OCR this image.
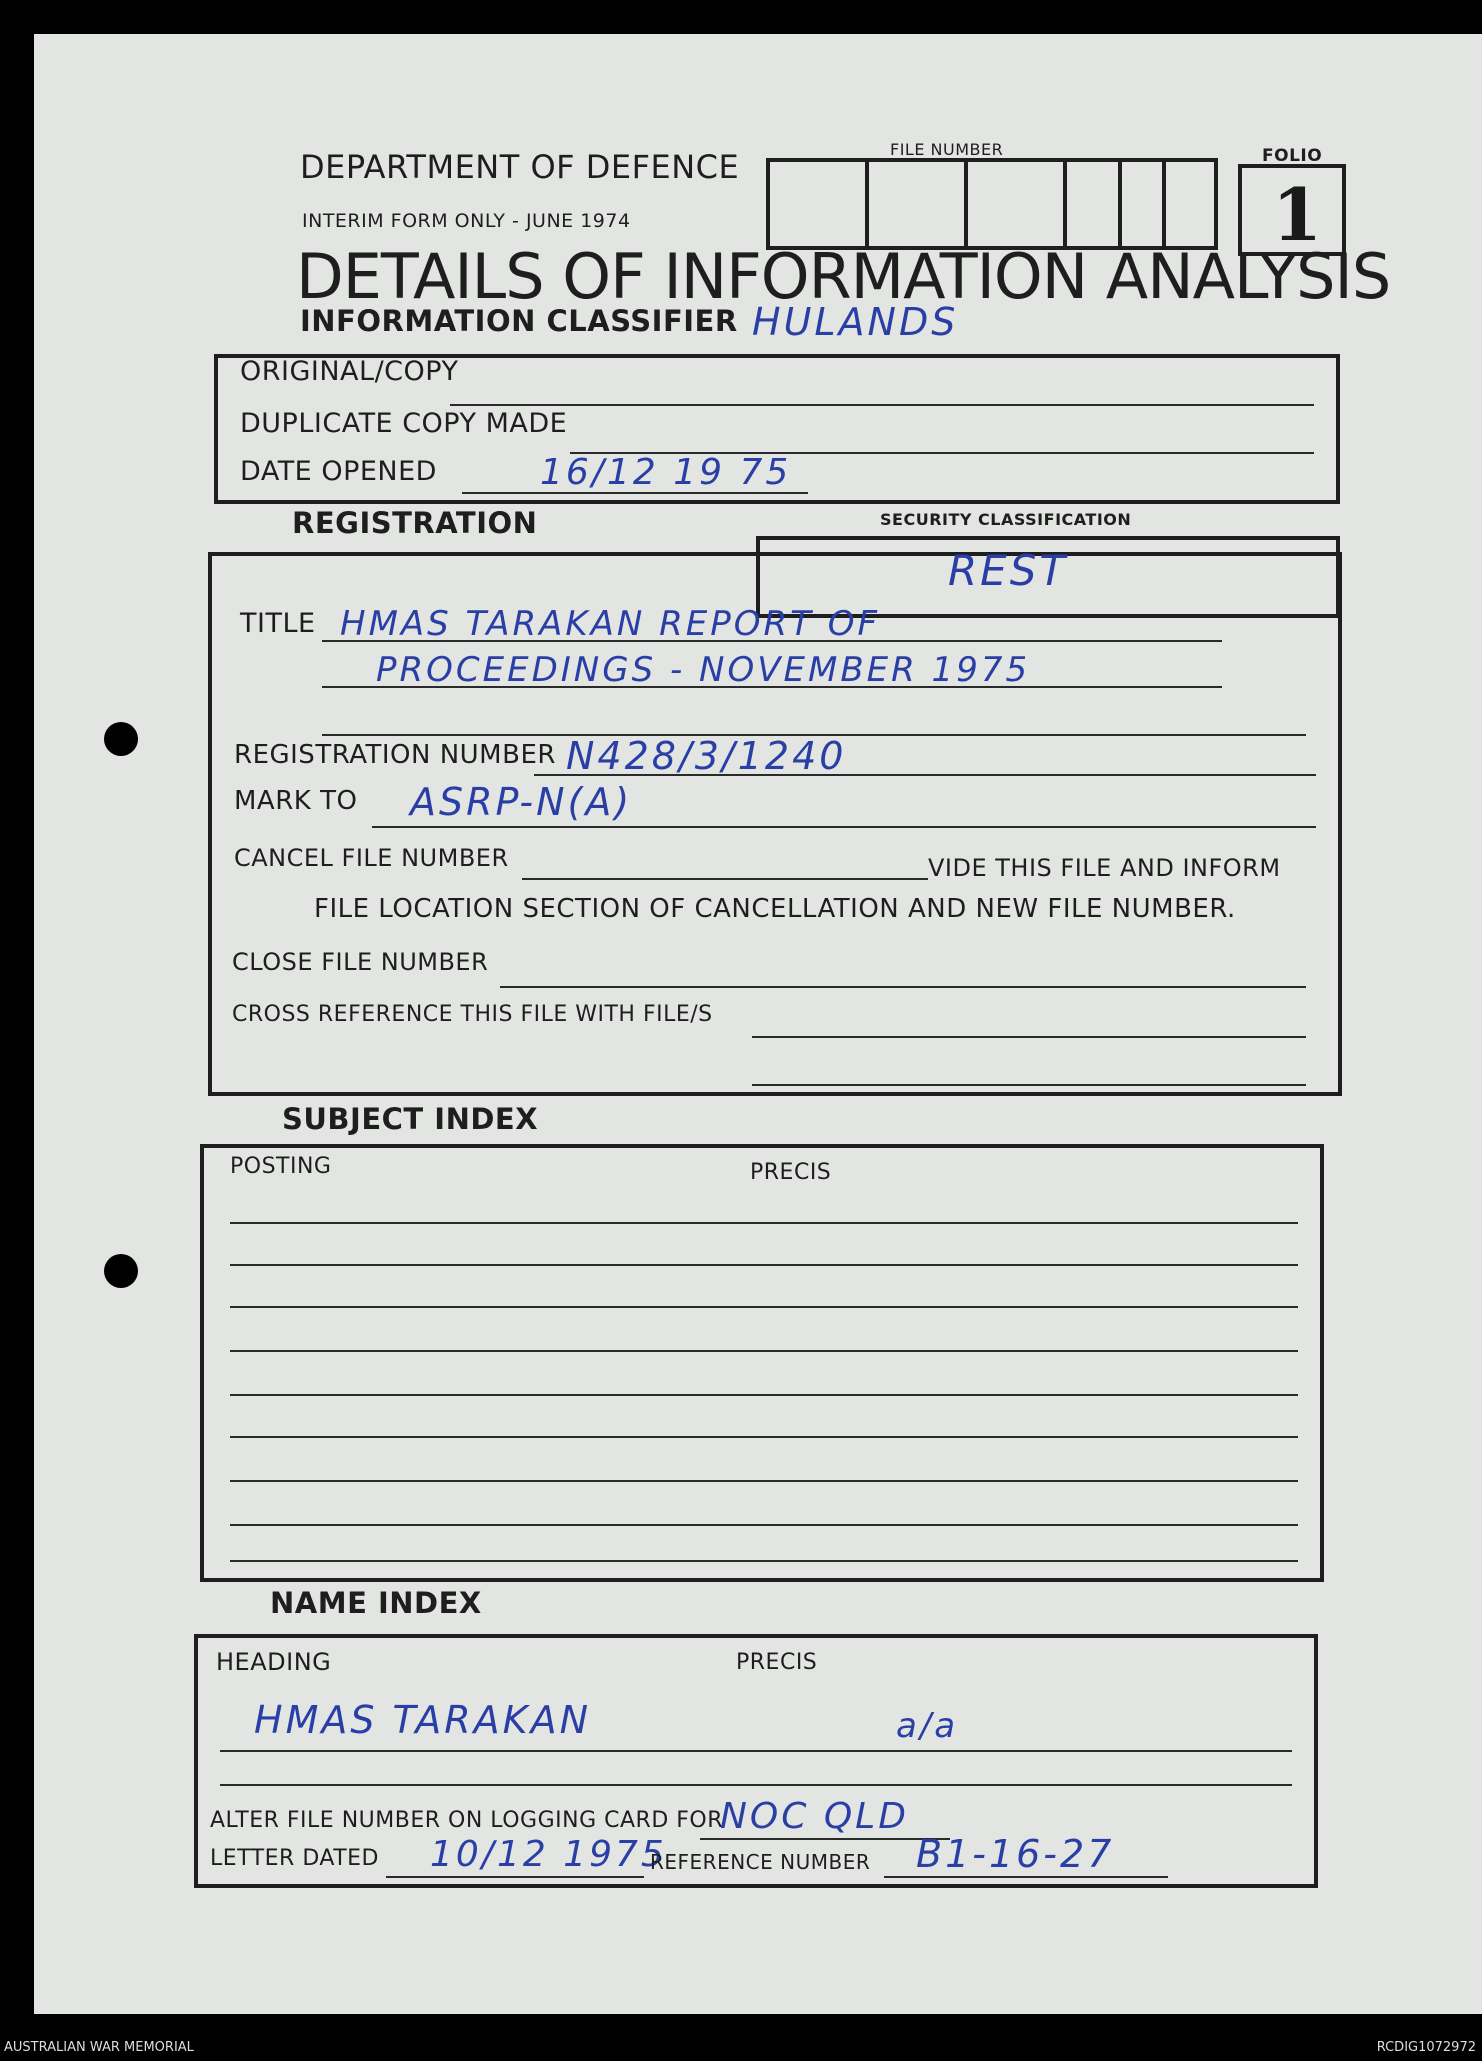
DEPARTMENT OF DEFENCE
INTERIM FORM ONLY - JUNE 1974
DETAILS OF INFORMATION ANALYSIS
FILE NUMBER	FOLIO
1
INFORMATION CLASSIFIER HULANDS
ORIGINAL/COPY
DUPLICATE COPY MADE
DATE OPENED	16/12 19 75
REGISTRATION	SECURITY CLASSIFICATION
REST
TITLE HMAS TARAKAN REPORT OF
PROCEEDINGS - NOVEMBER 1975
REGISTRATION NUMBER N428/3/1240
MARK TO ASRP-N(A)
CANCEL FILE NUMBER	VIDE THIS FILE AND INFORM
FILE LOCATION SECTION OF CANCELLATION AND NEW FILE NUMBER.
CLOSE FILE NUMBER
CROSS REFERENCE THIS FILE WITH FILE/S
SUBJECT INDEX
POSTING	PRECIS
NAME INDEX
HEADING	PRECIS
HMAS TARAKAN	a/a
ALTER FILE NUMBER ON LOGGING CARD FOR
NOC QLD
LETTER DATED 10/12 1975
REFERENCE NUMBER B1-16-27
AUSTRALIAN WAR MEMORIAL	RCDIG1072972
